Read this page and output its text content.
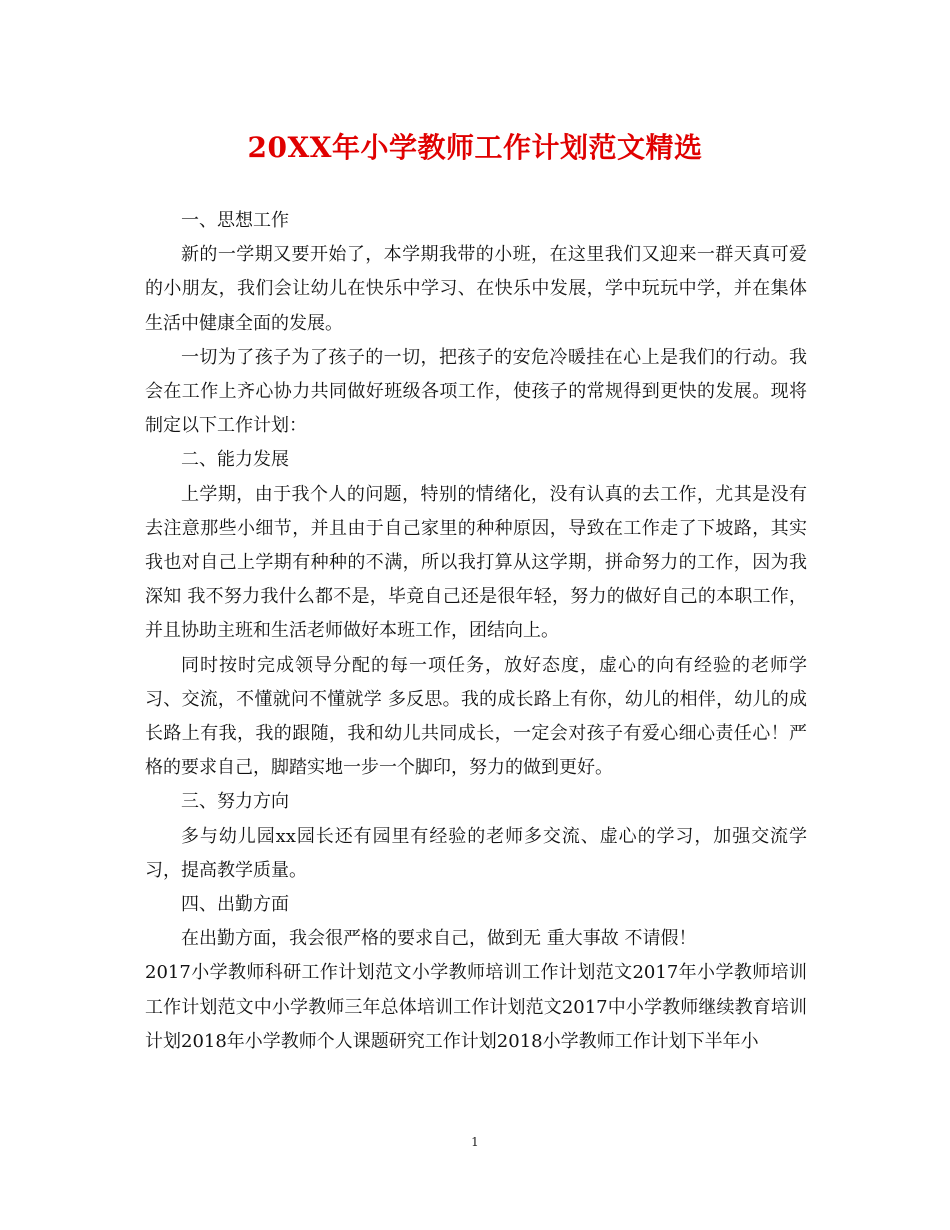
20XX年小学教师工作计划范文精选

一、思想工作

新的一学期又要开始了，本学期我带的小班，在这里我们又迎来一群天真可爱的小朋友，我们会让幼儿在快乐中学习、在快乐中发展，学中玩玩中学，并在集体生活中健康全面的发展。

一切为了孩子为了孩子的一切，把孩子的安危冷暖挂在心上是我们的行动。我会在工作上齐心协力共同做好班级各项工作，使孩子的常规得到更快的发展。现将制定以下工作计划：

二、能力发展

上学期，由于我个人的问题，特别的情绪化，没有认真的去工作，尤其是没有去注意那些小细节，并且由于自己家里的种种原因，导致在工作走了下坡路，其实我也对自己上学期有种种的不满，所以我打算从这学期，拼命努力的工作，因为我深知 我不努力我什么都不是，毕竟自己还是很年轻，努力的做好自己的本职工作，并且协助主班和生活老师做好本班工作，团结向上。

同时按时完成领导分配的每一项任务，放好态度，虚心的向有经验的老师学习、交流，不懂就问不懂就学 多反思。我的成长路上有你，幼儿的相伴，幼儿的成长路上有我，我的跟随，我和幼儿共同成长，一定会对孩子有爱心细心责任心！严格的要求自己，脚踏实地一步一个脚印，努力的做到更好。

三、努力方向

多与幼儿园xx园长还有园里有经验的老师多交流、虚心的学习，加强交流学习，提高教学质量。

四、出勤方面

在出勤方面，我会很严格的要求自己，做到无 重大事故 不请假！

2017小学教师科研工作计划范文小学教师培训工作计划范文2017年小学教师培训工作计划范文中小学教师三年总体培训工作计划范文2017中小学教师继续教育培训计划2018年小学教师个人课题研究工作计划2018小学教师工作计划下半年小

1
